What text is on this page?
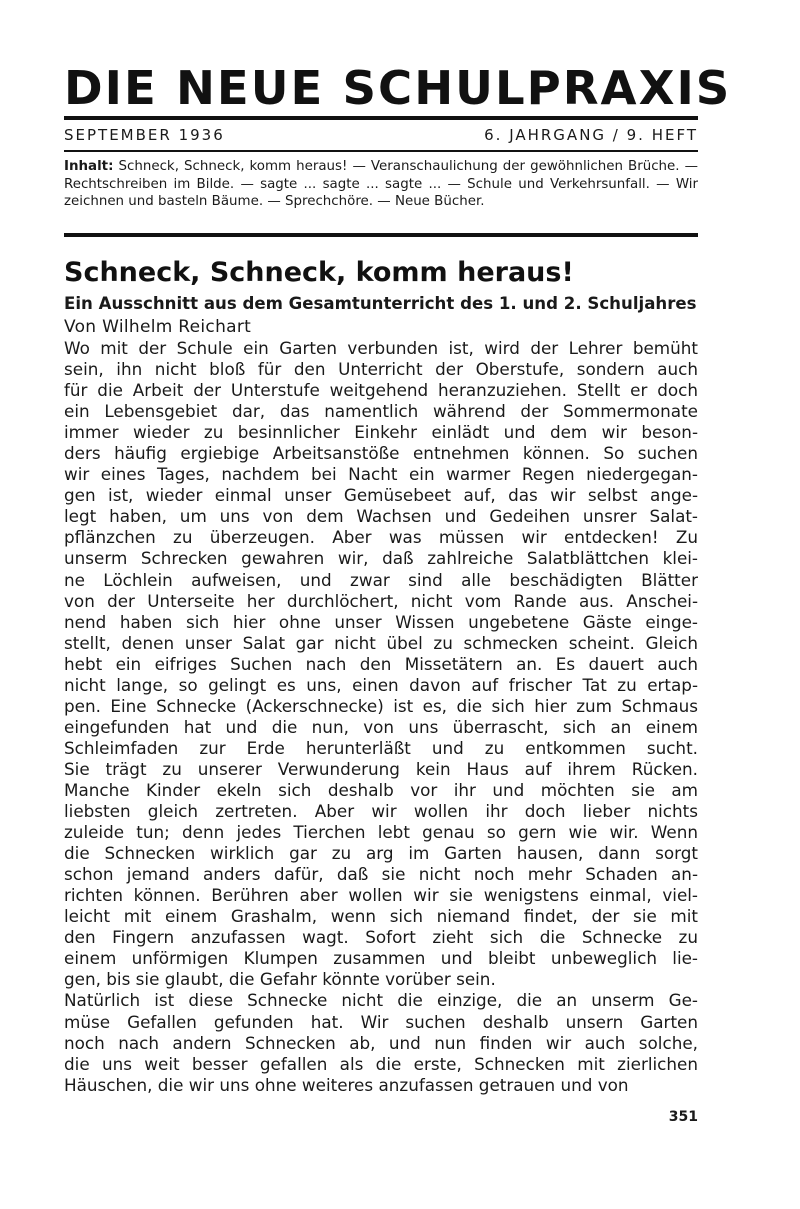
DIE NEUE SCHULPRAXIS
SEPTEMBER 1936	6. JAHRGANG / 9. HEFT
Inhalt: Schneck, Schneck, komm heraus! — Veranschaulichung der gewöhnlichen Brüche. — Rechtschreiben im Bilde. — sagte ... sagte ... sagte ... — Schule und Verkehrsunfall. — Wir zeichnen und basteln Bäume. — Sprechchöre. — Neue Bücher.
Schneck, Schneck, komm heraus!
Ein Ausschnitt aus dem Gesamtunterricht des 1. und 2. Schuljahres
Von Wilhelm Reichart
Wo mit der Schule ein Garten verbunden ist, wird der Lehrer bemüht
sein, ihn nicht bloß für den Unterricht der Oberstufe, sondern auch
für die Arbeit der Unterstufe weitgehend heranzuziehen. Stellt er doch
ein Lebensgebiet dar, das namentlich während der Sommermonate
immer wieder zu besinnlicher Einkehr einlädt und dem wir beson-
ders häufig ergiebige Arbeitsanstöße entnehmen können. So suchen
wir eines Tages, nachdem bei Nacht ein warmer Regen niedergegan-
gen ist, wieder einmal unser Gemüsebeet auf, das wir selbst ange-
legt haben, um uns von dem Wachsen und Gedeihen unsrer Salat-
pflänzchen zu überzeugen. Aber was müssen wir entdecken! Zu
unserm Schrecken gewahren wir, daß zahlreiche Salatblättchen klei-
ne Löchlein aufweisen, und zwar sind alle beschädigten Blätter
von der Unterseite her durchlöchert, nicht vom Rande aus. Anschei-
nend haben sich hier ohne unser Wissen ungebetene Gäste einge-
stellt, denen unser Salat gar nicht übel zu schmecken scheint. Gleich
hebt ein eifriges Suchen nach den Missetätern an. Es dauert auch
nicht lange, so gelingt es uns, einen davon auf frischer Tat zu ertap-
pen. Eine Schnecke (Ackerschnecke) ist es, die sich hier zum Schmaus
eingefunden hat und die nun, von uns überrascht, sich an einem
Schleimfaden zur Erde herunterläßt und zu entkommen sucht.
Sie trägt zu unserer Verwunderung kein Haus auf ihrem Rücken.
Manche Kinder ekeln sich deshalb vor ihr und möchten sie am
liebsten gleich zertreten. Aber wir wollen ihr doch lieber nichts
zuleide tun; denn jedes Tierchen lebt genau so gern wie wir. Wenn
die Schnecken wirklich gar zu arg im Garten hausen, dann sorgt
schon jemand anders dafür, daß sie nicht noch mehr Schaden an-
richten können. Berühren aber wollen wir sie wenigstens einmal, viel-
leicht mit einem Grashalm, wenn sich niemand findet, der sie mit
den Fingern anzufassen wagt. Sofort zieht sich die Schnecke zu
einem unförmigen Klumpen zusammen und bleibt unbeweglich lie-
gen, bis sie glaubt, die Gefahr könnte vorüber sein.
Natürlich ist diese Schnecke nicht die einzige, die an unserm Ge-
müse Gefallen gefunden hat. Wir suchen deshalb unsern Garten
noch nach andern Schnecken ab, und nun finden wir auch solche,
die uns weit besser gefallen als die erste, Schnecken mit zierlichen
Häuschen, die wir uns ohne weiteres anzufassen getrauen und von
351
